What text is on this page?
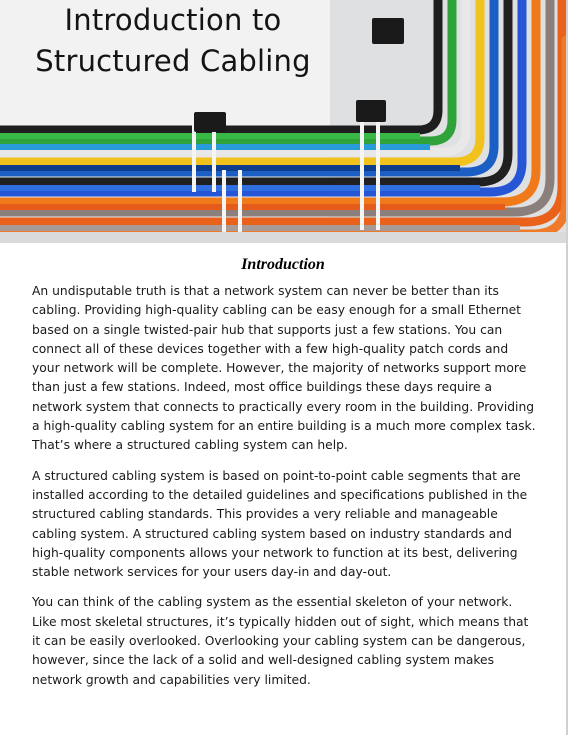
Introduction to Structured Cabling
Introduction

An undisputable truth is that a network system can never be better than its cabling. Providing high-quality cabling can be easy enough for a small Ethernet based on a single twisted-pair hub that supports just a few stations. You can connect all of these devices together with a few high-quality patch cords and your network will be complete. However, the majority of networks support more than just a few stations. Indeed, most office buildings these days require a network system that connects to practically every room in the building. Providing a high-quality cabling system for an entire building is a much more complex task. That’s where a structured cabling system can help.

A structured cabling system is based on point-to-point cable segments that are installed according to the detailed guidelines and specifications published in the structured cabling standards. This provides a very reliable and manageable cabling system. A structured cabling system based on industry standards and high-quality components allows your network to function at its best, delivering stable network services for your users day-in and day-out.

You can think of the cabling system as the essential skeleton of your network. Like most skeletal structures, it’s typically hidden out of sight, which means that it can be easily overlooked. Overlooking your cabling system can be dangerous, however, since the lack of a solid and well-designed cabling system makes network growth and capabilities very limited.
